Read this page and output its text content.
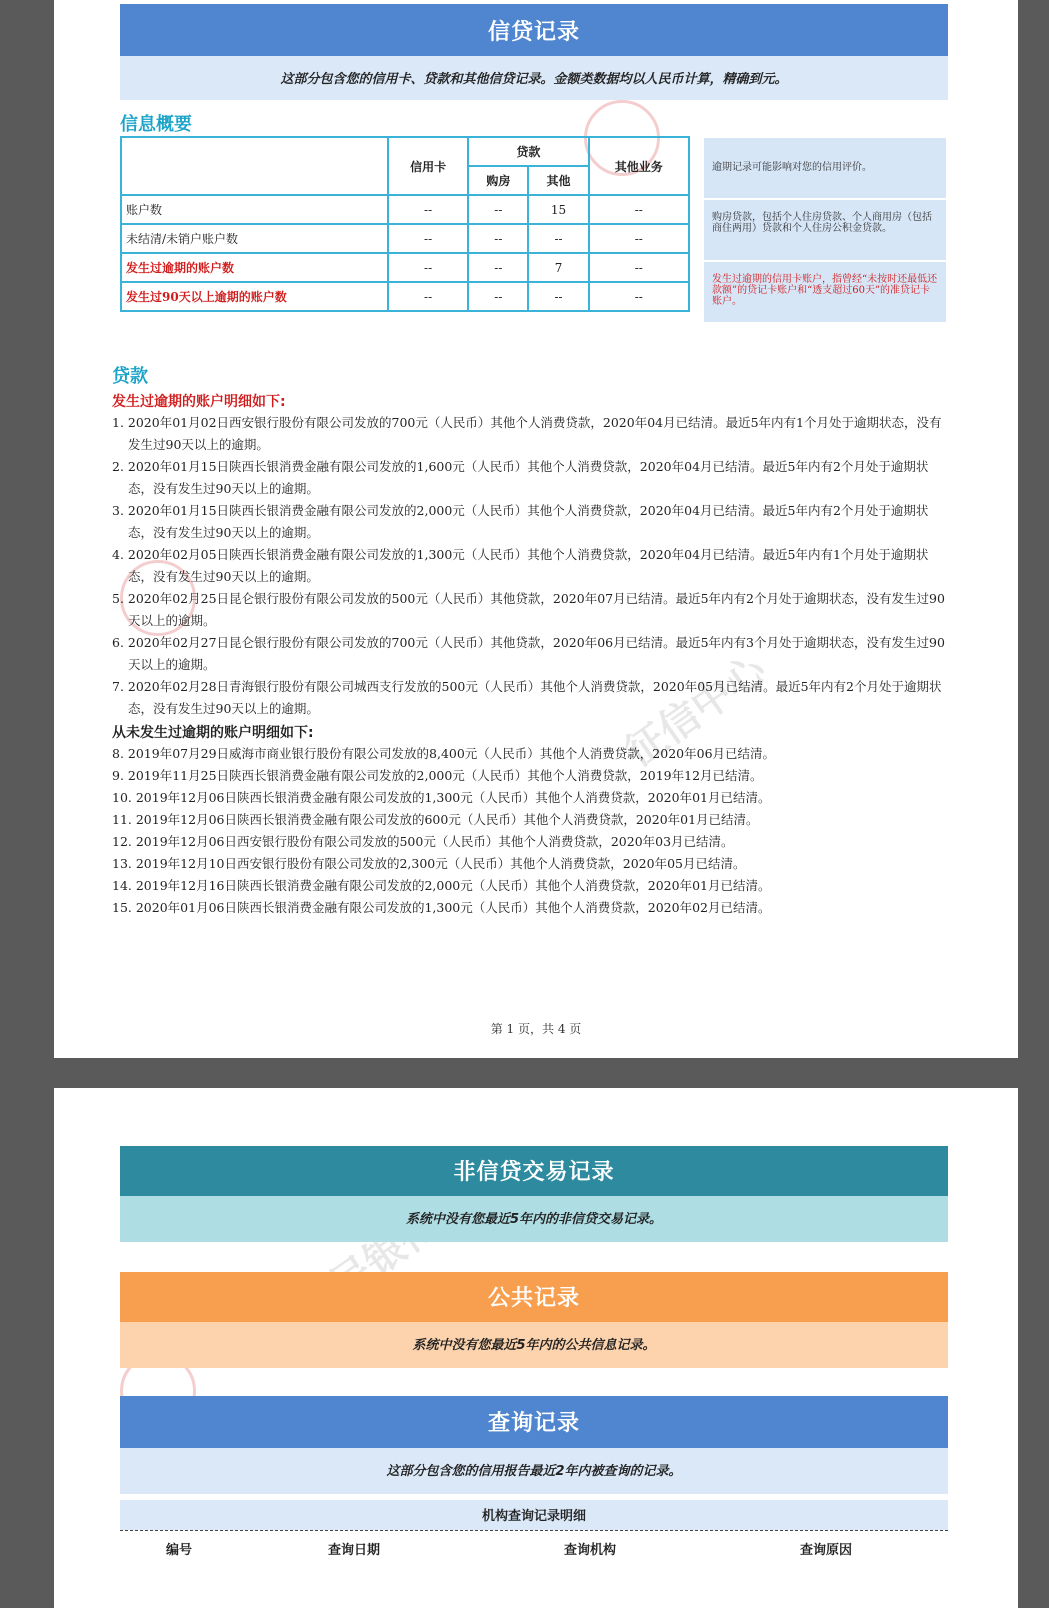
征信中心
信贷记录
这部分包含您的信用卡、贷款和其他信贷记录。金额类数据均以人民币计算，精确到元。
信息概要
	信用卡	贷款		其他业务
		购房	其他	
账户数	--	--	15	--
未结清/未销户账户数	--	--	--	--
发生过逾期的账户数	--	--	7	--
发生过90天以上逾期的账户数	--	--	--	--
逾期记录可能影响对您的信用评价。
购房贷款，包括个人住房贷款、个人商用房（包括商住两用）贷款和个人住房公积金贷款。
发生过逾期的信用卡账户，指曾经“未按时还最低还款额”的贷记卡账户和“透支超过60天”的准贷记卡账户。
贷款
发生过逾期的账户明细如下:
1. 2020年01月02日西安银行股份有限公司发放的700元（人民币）其他个人消费贷款，2020年04月已结清。最近5年内有1个月处于逾期状态，没有发生过90天以上的逾期。
2. 2020年01月15日陕西长银消费金融有限公司发放的1,600元（人民币）其他个人消费贷款，2020年04月已结清。最近5年内有2个月处于逾期状态，没有发生过90天以上的逾期。
3. 2020年01月15日陕西长银消费金融有限公司发放的2,000元（人民币）其他个人消费贷款，2020年04月已结清。最近5年内有2个月处于逾期状态，没有发生过90天以上的逾期。
4. 2020年02月05日陕西长银消费金融有限公司发放的1,300元（人民币）其他个人消费贷款，2020年04月已结清。最近5年内有1个月处于逾期状态，没有发生过90天以上的逾期。
5. 2020年02月25日昆仑银行股份有限公司发放的500元（人民币）其他贷款，2020年07月已结清。最近5年内有2个月处于逾期状态，没有发生过90天以上的逾期。
6. 2020年02月27日昆仑银行股份有限公司发放的700元（人民币）其他贷款，2020年06月已结清。最近5年内有3个月处于逾期状态，没有发生过90天以上的逾期。
7. 2020年02月28日青海银行股份有限公司城西支行发放的500元（人民币）其他个人消费贷款，2020年05月已结清。最近5年内有2个月处于逾期状态，没有发生过90天以上的逾期。
从未发生过逾期的账户明细如下:
8. 2019年07月29日威海市商业银行股份有限公司发放的8,400元（人民币）其他个人消费贷款，2020年06月已结清。
9. 2019年11月25日陕西长银消费金融有限公司发放的2,000元（人民币）其他个人消费贷款，2019年12月已结清。
10. 2019年12月06日陕西长银消费金融有限公司发放的1,300元（人民币）其他个人消费贷款，2020年01月已结清。
11. 2019年12月06日陕西长银消费金融有限公司发放的600元（人民币）其他个人消费贷款，2020年01月已结清。
12. 2019年12月06日西安银行股份有限公司发放的500元（人民币）其他个人消费贷款，2020年03月已结清。
13. 2019年12月10日西安银行股份有限公司发放的2,300元（人民币）其他个人消费贷款，2020年05月已结清。
14. 2019年12月16日陕西长银消费金融有限公司发放的2,000元（人民币）其他个人消费贷款，2020年01月已结清。
15. 2020年01月06日陕西长银消费金融有限公司发放的1,300元（人民币）其他个人消费贷款，2020年02月已结清。
第 1 页，共 4 页
非信贷交易记录
系统中没有您最近5年内的非信贷交易记录。
公共记录
系统中没有您最近5年内的公共信息记录。
查询记录
这部分包含您的信用报告最近2年内被查询的记录。
机构查询记录明细
编号	查询日期	查询机构	查询原因
